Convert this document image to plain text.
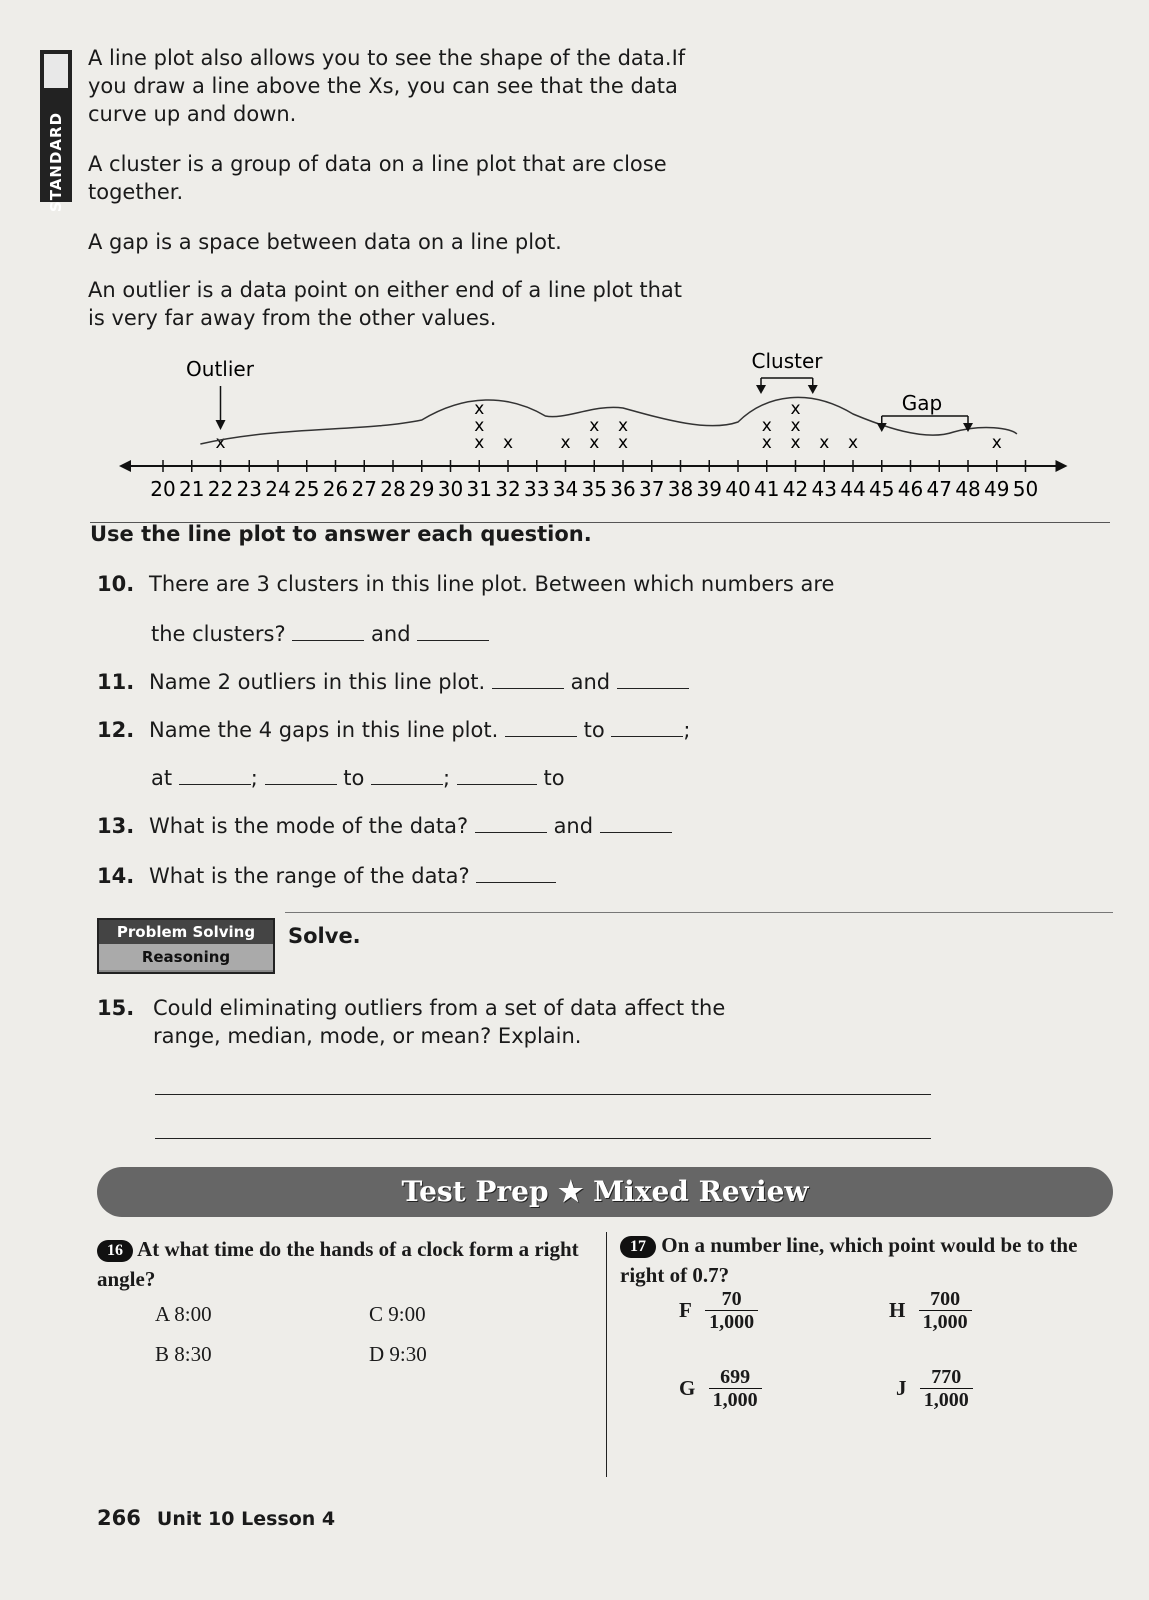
STANDARD

A line plot also allows you to see the shape of the data.If you draw a line above the Xs, you can see that the data curve up and down.

A cluster is a group of data on a line plot that are close together.

A gap is a space between data on a line plot.

An outlier is a data point on either end of a line plot that is very far away from the other values.

20 21 22 23 24 25 26 27 28 29 30 31 32 33 34 35 36 37 38 39 40 41 42 43 44 45 46 47 48 49 50
x	x
x
x
x	x x
x
x
x
x
x
x
x
x
x x	x
Outlier	Cluster
Gap
Use the line plot to answer each question.
10. There are 3 clusters in this line plot. Between which numbers are
the clusters?	and
11. Name 2 outliers in this line plot.	and
12. Name the 4 gaps in this line plot.	to	;
at	;	to	;	to
13. What is the mode of the data?	and
14. What is the range of the data?
Problem Solving
Reasoning
Solve.
15. Could eliminating outliers from a set of data affect the range, median, mode, or mean? Explain.
Test Prep ★ Mixed Review
16 At what time do the hands of a clock form a right angle?
A 8:00	C 9:00
B 8:30	D 9:30
17 On a number line, which point would be to the right of 0.7?
F $\frac{70}{1,000}$	H $\frac{700}{1,000}$
G $\frac{699}{1,000}$	J $\frac{770}{1,000}$
266 Unit 10 Lesson 4
